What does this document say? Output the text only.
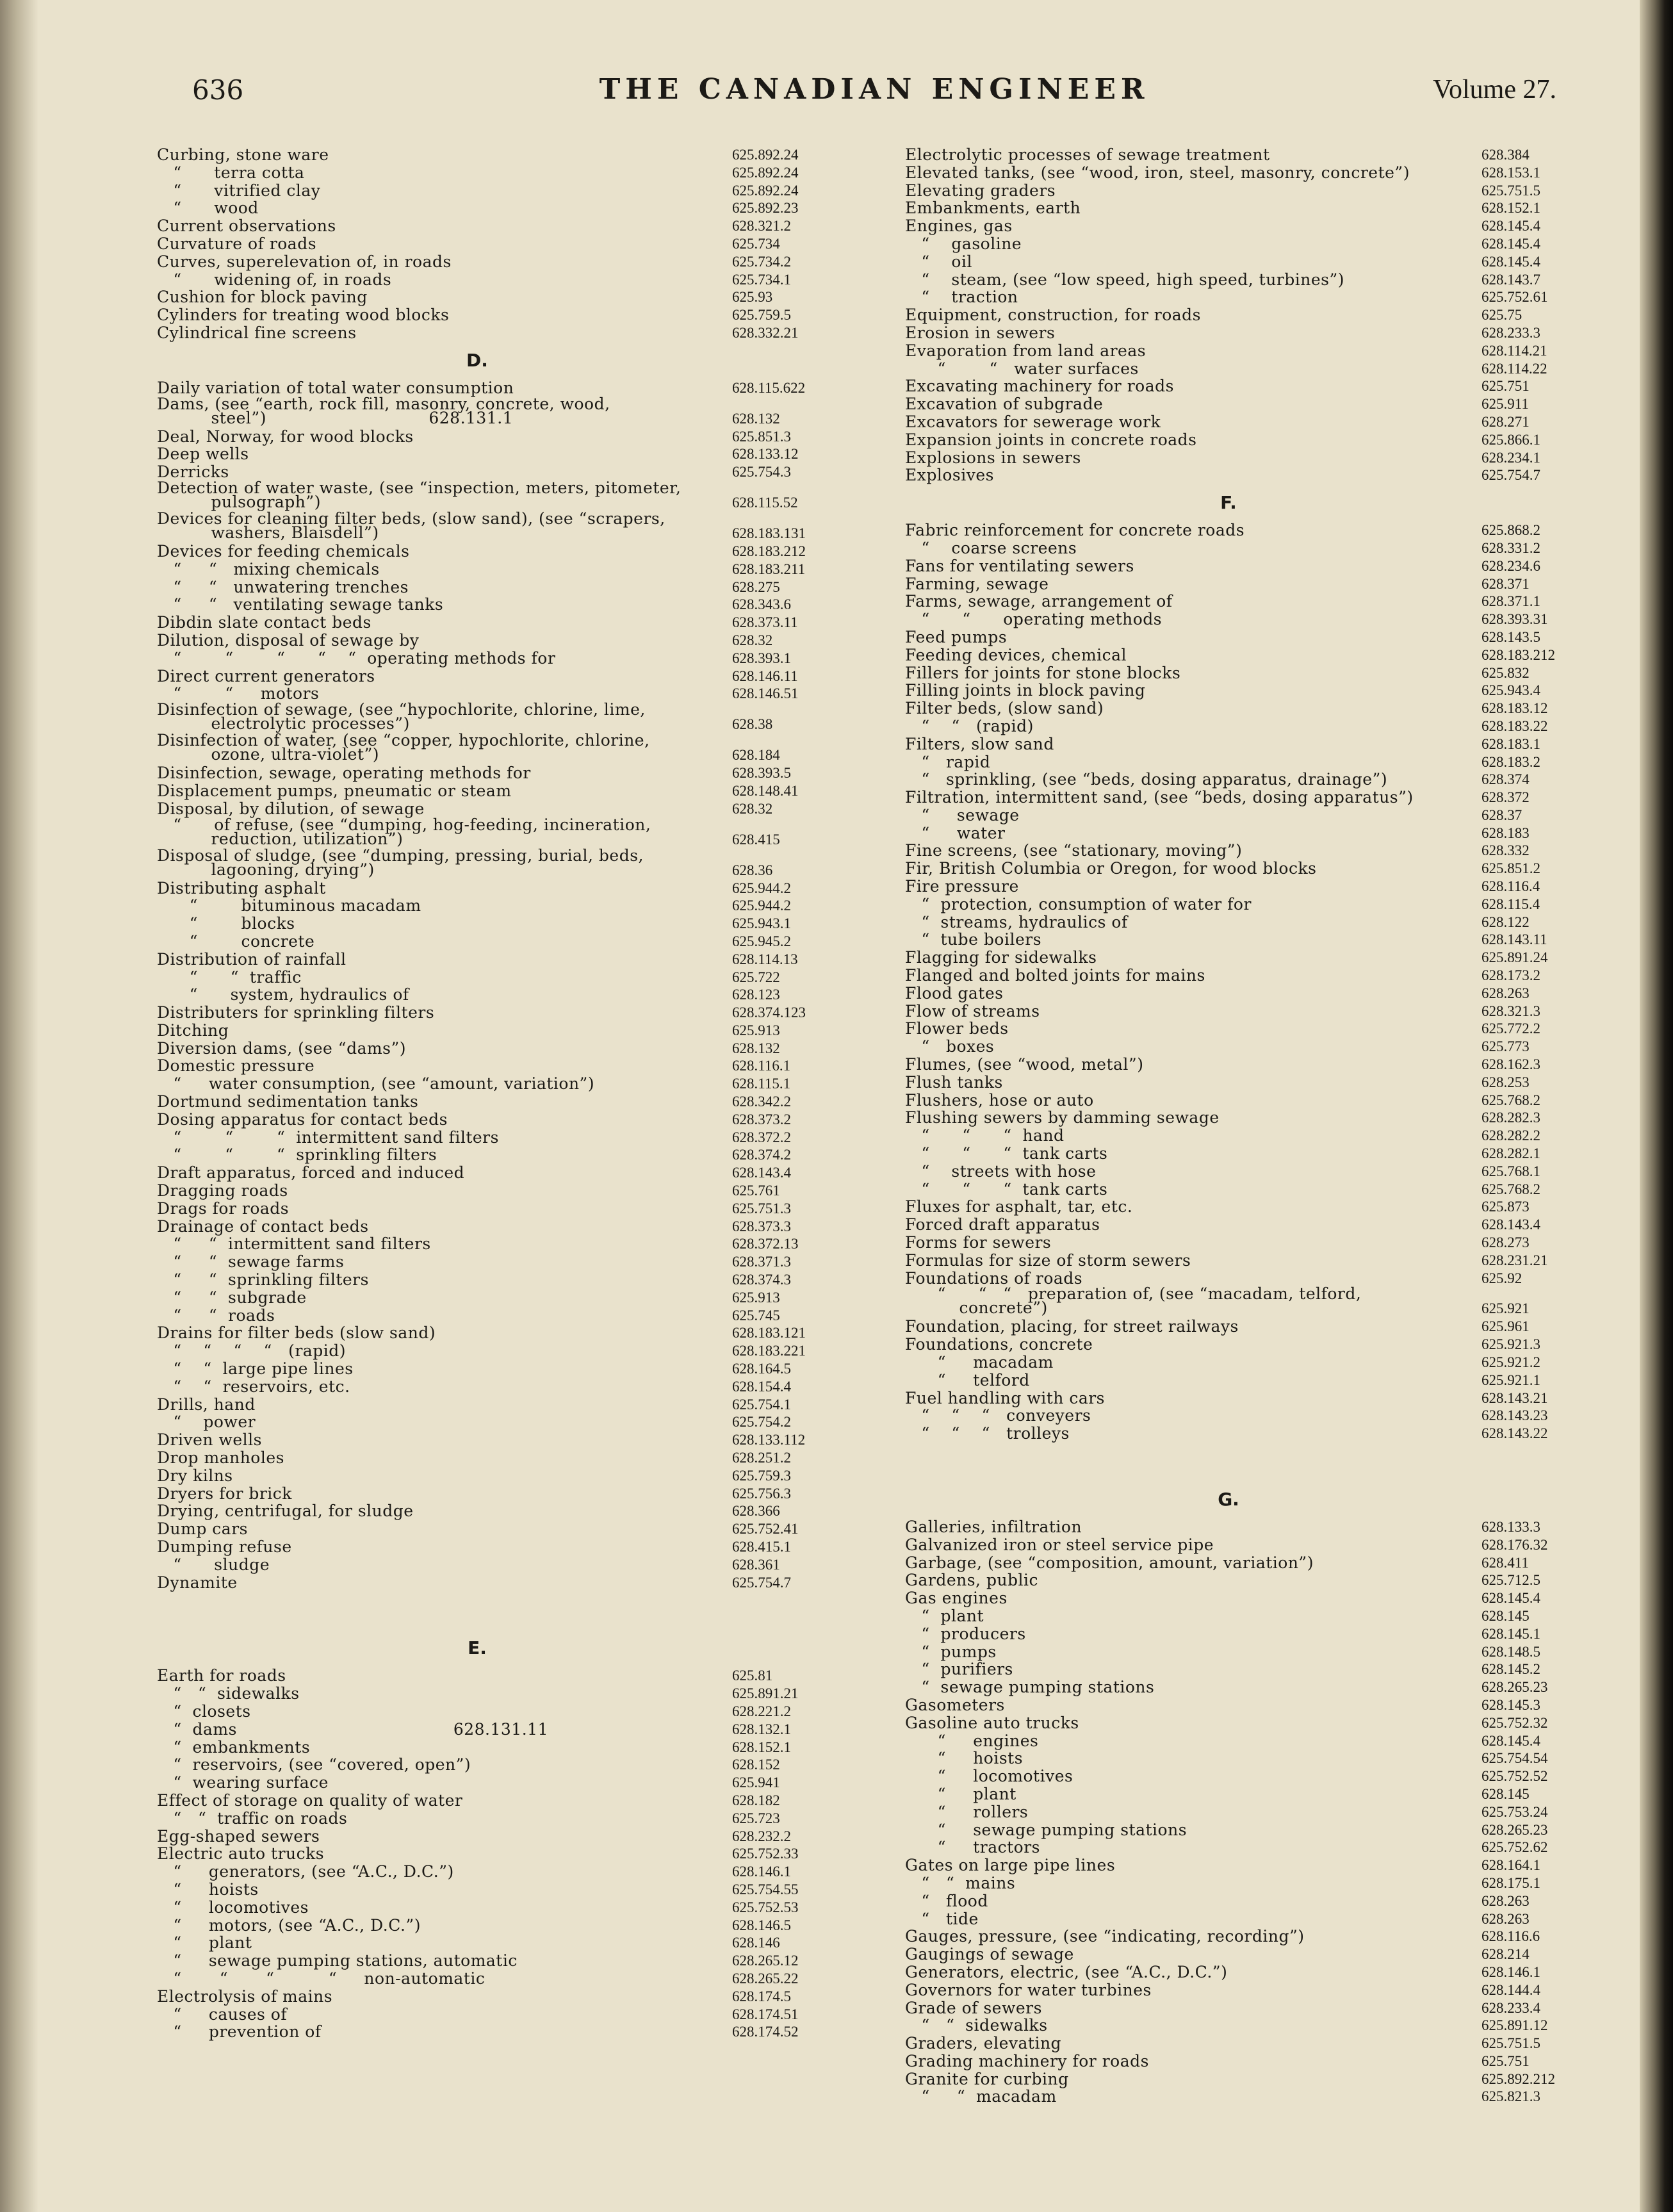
636	THE CANADIAN ENGINEER	Volume 27.
Curbing, stone ware	625.892.24
“      terra cotta	625.892.24
“      vitrified clay	625.892.24
“      wood	625.892.23
Current observations	628.321.2
Curvature of roads	625.734
Curves, superelevation of, in roads	625.734.2
“      widening of, in roads	625.734.1
Cushion for block paving	625.93
Cylinders for treating wood blocks	625.759.5
Cylindrical fine screens	628.332.21
D.
Daily variation of total water consumption	628.115.622
Dams, (see “earth, rock fill, masonry, concrete, wood,
steel”)                              628.131.1	628.132
Deal, Norway, for wood blocks	625.851.3
Deep wells	628.133.12
Derricks	625.754.3
Detection of water waste, (see “inspection, meters, pitometer,
pulsograph”)	628.115.52
Devices for cleaning filter beds, (slow sand), (see “scrapers,
washers, Blaisdell”)	628.183.131
Devices for feeding chemicals	628.183.212
“     “   mixing chemicals	628.183.211
“     “   unwatering trenches	628.275
“     “   ventilating sewage tanks	628.343.6
Dibdin slate contact beds	628.373.11
Dilution, disposal of sewage by	628.32
“        “        “      “    “  operating methods for	628.393.1
Direct current generators	628.146.11
“        “     motors	628.146.51
Disinfection of sewage, (see “hypochlorite, chlorine, lime,
electrolytic processes”)	628.38
Disinfection of water, (see “copper, hypochlorite, chlorine,
ozone, ultra-violet”)	628.184
Disinfection, sewage, operating methods for	628.393.5
Displacement pumps, pneumatic or steam	628.148.41
Disposal, by dilution, of sewage	628.32
“      of refuse, (see “dumping, hog-feeding, incineration,
reduction, utilization”)	628.415
Disposal of sludge, (see “dumping, pressing, burial, beds,
lagooning, drying”)	628.36
Distributing asphalt	625.944.2
“        bituminous macadam	625.944.2
“        blocks	625.943.1
“        concrete	625.945.2
Distribution of rainfall	628.114.13
“      “  traffic	625.722
“      system, hydraulics of	628.123
Distributers for sprinkling filters	628.374.123
Ditching	625.913
Diversion dams, (see “dams”)	628.132
Domestic pressure	628.116.1
“     water consumption, (see “amount, variation”)	628.115.1
Dortmund sedimentation tanks	628.342.2
Dosing apparatus for contact beds	628.373.2
“        “        “  intermittent sand filters	628.372.2
“        “        “  sprinkling filters	628.374.2
Draft apparatus, forced and induced	628.143.4
Dragging roads	625.761
Drags for roads	625.751.3
Drainage of contact beds	628.373.3
“     “  intermittent sand filters	628.372.13
“     “  sewage farms	628.371.3
“     “  sprinkling filters	628.374.3
“     “  subgrade	625.913
“     “  roads	625.745
Drains for filter beds (slow sand)	628.183.121
“    “    “    “   (rapid)	628.183.221
“    “  large pipe lines	628.164.5
“    “  reservoirs, etc.	628.154.4
Drills, hand	625.754.1
“    power	625.754.2
Driven wells	628.133.112
Drop manholes	628.251.2
Dry kilns	625.759.3
Dryers for brick	625.756.3
Drying, centrifugal, for sludge	628.366
Dump cars	625.752.41
Dumping refuse	628.415.1
“      sludge	628.361
Dynamite	625.754.7
E.
Earth for roads	625.81
“   “  sidewalks	625.891.21
“  closets	628.221.2
“  dams                                        628.131.11	628.132.1
“  embankments	628.152.1
“  reservoirs, (see “covered, open”)	628.152
“  wearing surface	625.941
Effect of storage on quality of water	628.182
“   “  traffic on roads	625.723
Egg-shaped sewers	628.232.2
Electric auto trucks	625.752.33
“     generators, (see “A.C., D.C.”)	628.146.1
“     hoists	625.754.55
“     locomotives	625.752.53
“     motors, (see “A.C., D.C.”)	628.146.5
“     plant	628.146
“     sewage pumping stations, automatic	628.265.12
“       “       “          “     non-automatic	628.265.22
Electrolysis of mains	628.174.5
“     causes of	628.174.51
“     prevention of	628.174.52
Electrolytic processes of sewage treatment	628.384
Elevated tanks, (see “wood, iron, steel, masonry, concrete”)	628.153.1
Elevating graders	625.751.5
Embankments, earth	628.152.1
Engines, gas	628.145.4
“    gasoline	628.145.4
“    oil	628.145.4
“    steam, (see “low speed, high speed, turbines”)	628.143.7
“    traction	625.752.61
Equipment, construction, for roads	625.75
Erosion in sewers	628.233.3
Evaporation from land areas	628.114.21
“        “   water surfaces	628.114.22
Excavating machinery for roads	625.751
Excavation of subgrade	625.911
Excavators for sewerage work	628.271
Expansion joints in concrete roads	625.866.1
Explosions in sewers	628.234.1
Explosives	625.754.7
F.
Fabric reinforcement for concrete roads	625.868.2
“    coarse screens	628.331.2
Fans for ventilating sewers	628.234.6
Farming, sewage	628.371
Farms, sewage, arrangement of	628.371.1
“      “      operating methods	628.393.31
Feed pumps	628.143.5
Feeding devices, chemical	628.183.212
Fillers for joints for stone blocks	625.832
Filling joints in block paving	625.943.4
Filter beds, (slow sand)	628.183.12
“    “   (rapid)	628.183.22
Filters, slow sand	628.183.1
“   rapid	628.183.2
“   sprinkling, (see “beds, dosing apparatus, drainage”)	628.374
Filtration, intermittent sand, (see “beds, dosing apparatus”)	628.372
“     sewage	628.37
“     water	628.183
Fine screens, (see “stationary, moving”)	628.332
Fir, British Columbia or Oregon, for wood blocks	625.851.2
Fire pressure	628.116.4
“  protection, consumption of water for	628.115.4
“  streams, hydraulics of	628.122
“  tube boilers	628.143.11
Flagging for sidewalks	625.891.24
Flanged and bolted joints for mains	628.173.2
Flood gates	628.263
Flow of streams	628.321.3
Flower beds	625.772.2
“   boxes	625.773
Flumes, (see “wood, metal”)	628.162.3
Flush tanks	628.253
Flushers, hose or auto	625.768.2
Flushing sewers by damming sewage	628.282.3
“      “      “  hand	628.282.2
“      “      “  tank carts	628.282.1
“    streets with hose	625.768.1
“      “      “  tank carts	625.768.2
Fluxes for asphalt, tar, etc.	625.873
Forced draft apparatus	628.143.4
Forms for sewers	628.273
Formulas for size of storm sewers	628.231.21
Foundations of roads	625.92
“      “   “   preparation of, (see “macadam, telford,
concrete”)	625.921
Foundation, placing, for street railways	625.961
Foundations, concrete	625.921.3
“     macadam	625.921.2
“     telford	625.921.1
Fuel handling with cars	628.143.21
“    “    “   conveyers	628.143.23
“    “    “   trolleys	628.143.22
G.
Galleries, infiltration	628.133.3
Galvanized iron or steel service pipe	628.176.32
Garbage, (see “composition, amount, variation”)	628.411
Gardens, public	625.712.5
Gas engines	628.145.4
“  plant	628.145
“  producers	628.145.1
“  pumps	628.148.5
“  purifiers	628.145.2
“  sewage pumping stations	628.265.23
Gasometers	628.145.3
Gasoline auto trucks	625.752.32
“     engines	628.145.4
“     hoists	625.754.54
“     locomotives	625.752.52
“     plant	628.145
“     rollers	625.753.24
“     sewage pumping stations	628.265.23
“     tractors	625.752.62
Gates on large pipe lines	628.164.1
“   “  mains	628.175.1
“   flood	628.263
“   tide	628.263
Gauges, pressure, (see “indicating, recording”)	628.116.6
Gaugings of sewage	628.214
Generators, electric, (see “A.C., D.C.”)	628.146.1
Governors for water turbines	628.144.4
Grade of sewers	628.233.4
“   “  sidewalks	625.891.12
Graders, elevating	625.751.5
Grading machinery for roads	625.751
Granite for curbing	625.892.212
“     “  macadam	625.821.3
